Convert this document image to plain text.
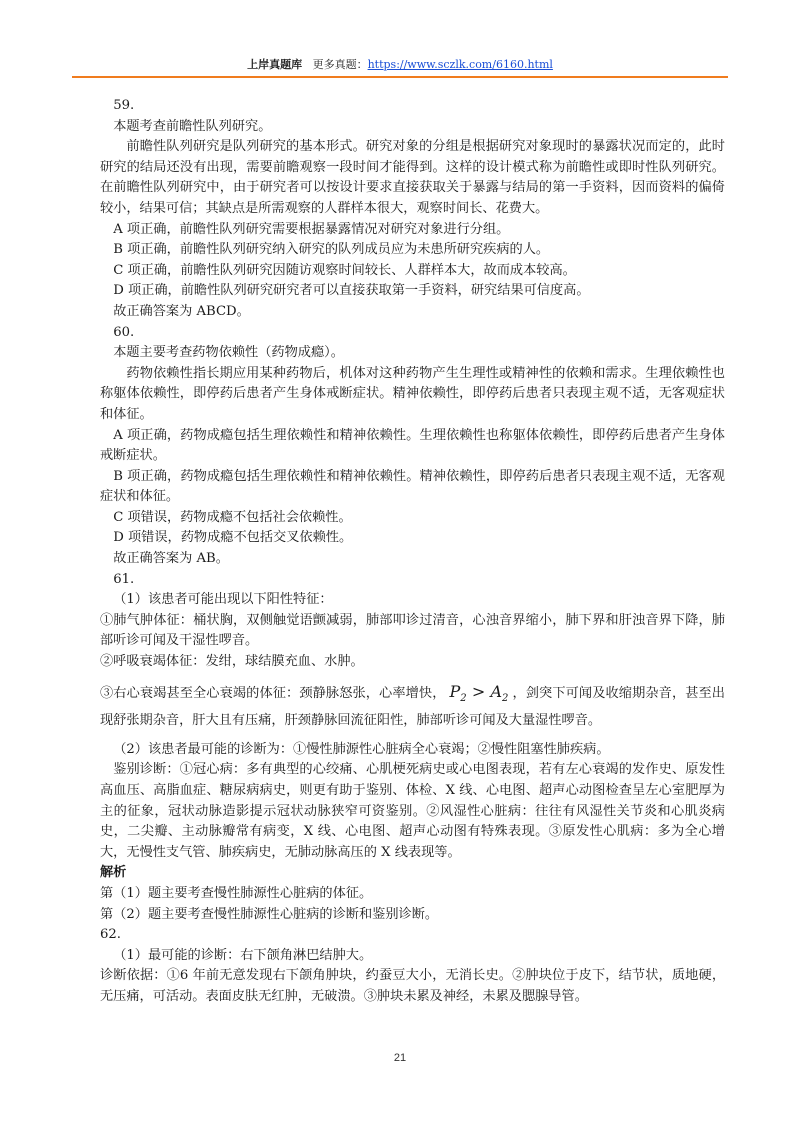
上岸真题库 更多真题：https://www.sczlk.com/6160.html

59.

本题考查前瞻性队列研究。

前瞻性队列研究是队列研究的基本形式。研究对象的分组是根据研究对象现时的暴露状况而定的，此时研究的结局还没有出现，需要前瞻观察一段时间才能得到。这样的设计模式称为前瞻性或即时性队列研究。在前瞻性队列研究中，由于研究者可以按设计要求直接获取关于暴露与结局的第一手资料，因而资料的偏倚较小，结果可信；其缺点是所需观察的人群样本很大，观察时间长、花费大。

A 项正确，前瞻性队列研究需要根据暴露情况对研究对象进行分组。

B 项正确，前瞻性队列研究纳入研究的队列成员应为未患所研究疾病的人。

C 项正确，前瞻性队列研究因随访观察时间较长、人群样本大，故而成本较高。

D 项正确，前瞻性队列研究研究者可以直接获取第一手资料，研究结果可信度高。

故正确答案为 ABCD。

60.

本题主要考查药物依赖性（药物成瘾）。

药物依赖性指长期应用某种药物后，机体对这种药物产生生理性或精神性的依赖和需求。生理依赖性也称躯体依赖性，即停药后患者产生身体戒断症状。精神依赖性，即停药后患者只表现主观不适，无客观症状和体征。

A 项正确，药物成瘾包括生理依赖性和精神依赖性。生理依赖性也称躯体依赖性，即停药后患者产生身体戒断症状。

B 项正确，药物成瘾包括生理依赖性和精神依赖性。精神依赖性，即停药后患者只表现主观不适，无客观症状和体征。

C 项错误，药物成瘾不包括社会依赖性。

D 项错误，药物成瘾不包括交叉依赖性。

故正确答案为 AB。

61.

（1）该患者可能出现以下阳性特征：

①肺气肿体征：桶状胸，双侧触觉语颤减弱，肺部叩诊过清音，心浊音界缩小，肺下界和肝浊音界下降，肺部听诊可闻及干湿性啰音。

②呼吸衰竭体征：发绀，球结膜充血、水肿。

③右心衰竭甚至全心衰竭的体征：颈静脉怒张，心率增快， $P_2 > A_2$ ，剑突下可闻及收缩期杂音，甚至出现舒张期杂音，肝大且有压痛，肝颈静脉回流征阳性，肺部听诊可闻及大量湿性啰音。

（2）该患者最可能的诊断为：①慢性肺源性心脏病全心衰竭；②慢性阻塞性肺疾病。

鉴别诊断：①冠心病：多有典型的心绞痛、心肌梗死病史或心电图表现，若有左心衰竭的发作史、原发性高血压、高脂血症、糖尿病病史，则更有助于鉴别、体检、X 线、心电图、超声心动图检查呈左心室肥厚为主的征象，冠状动脉造影提示冠状动脉狭窄可资鉴别。②风湿性心脏病：往往有风湿性关节炎和心肌炎病史，二尖瓣、主动脉瓣常有病变，X 线、心电图、超声心动图有特殊表现。③原发性心肌病：多为全心增大，无慢性支气管、肺疾病史，无肺动脉高压的 X 线表现等。

解析

第（1）题主要考查慢性肺源性心脏病的体征。

第（2）题主要考查慢性肺源性心脏病的诊断和鉴别诊断。

62.

（1）最可能的诊断：右下颌角淋巴结肿大。

诊断依据：①6 年前无意发现右下颌角肿块，约蚕豆大小，无消长史。②肿块位于皮下，结节状，质地硬，无压痛，可活动。表面皮肤无红肿，无破溃。③肿块未累及神经，未累及腮腺导管。

21
